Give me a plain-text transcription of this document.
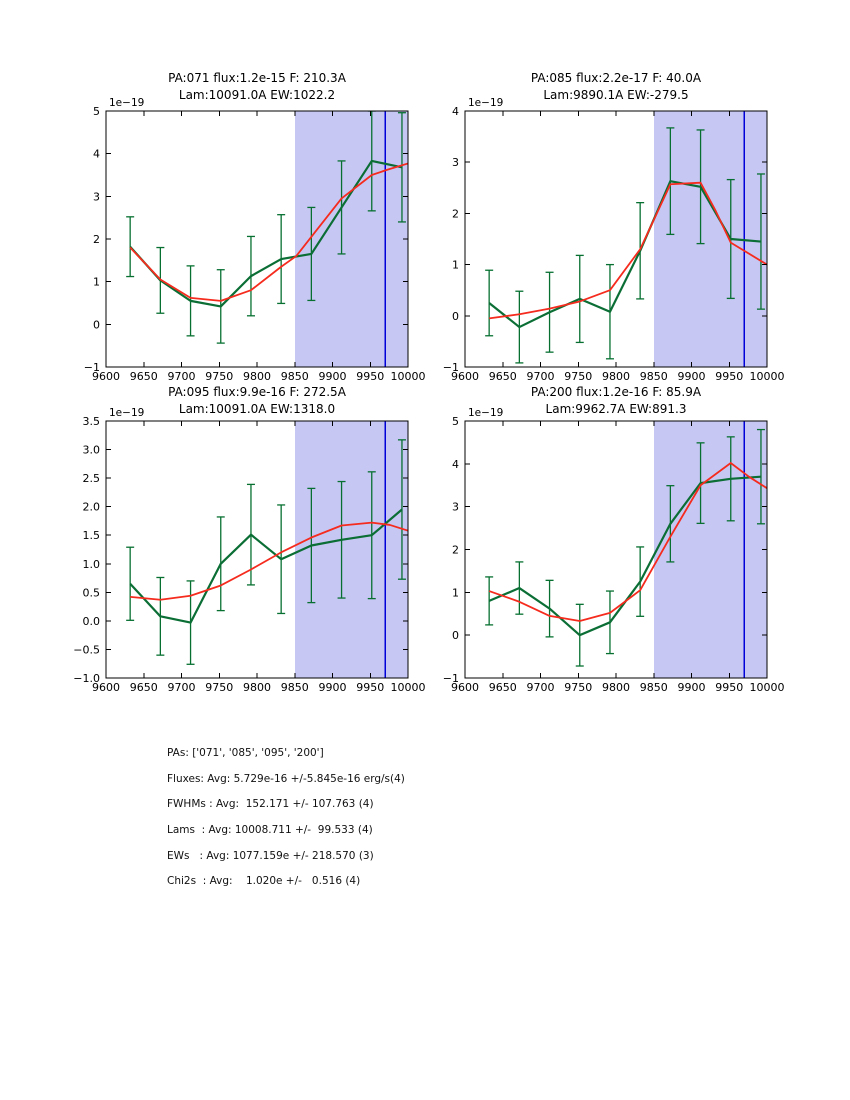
PA:071 flux:1.2e-15 F: 210.3A
Lam:10091.0A EW:1022.2
PA:085 flux:2.2e-17 F: 40.0A
Lam:9890.1A EW:-279.5
PA:095 flux:9.9e-16 F: 272.5A
Lam:10091.0A EW:1318.0
PA:200 flux:1.2e-16 F: 85.9A
Lam:9962.7A EW:891.3
9600 9650 9700 9750 9800 9850 9900 9950 10000
−1
0
1
2
3
4
5
1e−19
9600 9650 9700 9750 9800 9850 9900 9950 10000
−1
0
1
2
3
4
1e−19
9600 9650 9700 9750 9800 9850 9900 9950 10000
−1.0
−0.5
0.0
0.5
1.0
1.5
2.0
2.5
3.0
3.5
1e−19
9600 9650 9700 9750 9800 9850 9900 9950 10000
−1
0
1
2
3
4
5
1e−19
PAs: ['071', '085', '095', '200']
Fluxes: Avg: 5.729e-16 +/-5.845e-16 erg/s(4)
FWHMs : Avg:  152.171 +/- 107.763 (4)
Lams  : Avg: 10008.711 +/-  99.533 (4)
EWs   : Avg: 1077.159e +/- 218.570 (3)
Chi2s  : Avg:    1.020e +/-   0.516 (4)
